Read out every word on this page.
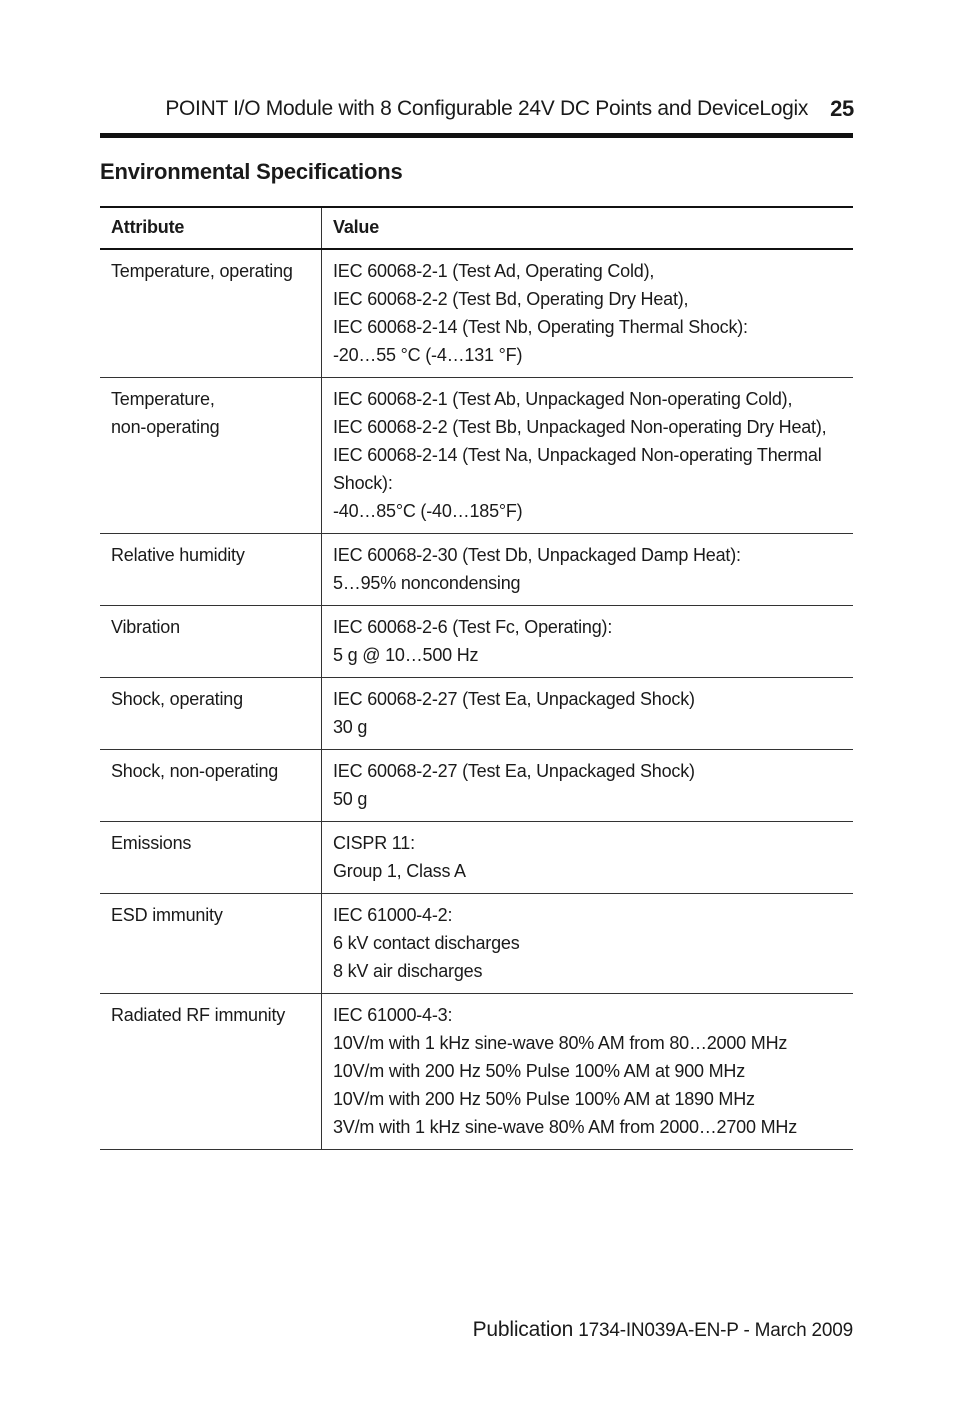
POINT I/O Module with 8 Configurable 24V DC Points and DeviceLogix 25
Environmental Specifications
Attribute	Value

Temperature, operating	IEC 60068-2-1 (Test Ad, Operating Cold),
IEC 60068-2-2 (Test Bd, Operating Dry Heat),
IEC 60068-2-14 (Test Nb, Operating Thermal Shock):
-20…55 °C (-4…131 °F)

Temperature,
non-operating	IEC 60068-2-1 (Test Ab, Unpackaged Non-operating Cold),
IEC 60068-2-2 (Test Bb, Unpackaged Non-operating Dry Heat),
IEC 60068-2-14 (Test Na, Unpackaged Non-operating Thermal
Shock):
-40…85°C (-40…185°F)

Relative humidity	IEC 60068-2-30 (Test Db, Unpackaged Damp Heat):
5…95% noncondensing

Vibration	IEC 60068-2-6 (Test Fc, Operating):
5 g @ 10…500 Hz

Shock, operating	IEC 60068-2-27 (Test Ea, Unpackaged Shock)
30 g

Shock, non-operating	IEC 60068-2-27 (Test Ea, Unpackaged Shock)
50 g

Emissions	CISPR 11:
Group 1, Class A

ESD immunity	IEC 61000-4-2:
6 kV contact discharges
8 kV air discharges

Radiated RF immunity	IEC 61000-4-3:
10V/m with 1 kHz sine-wave 80% AM from 80…2000 MHz
10V/m with 200 Hz 50% Pulse 100% AM at 900 MHz
10V/m with 200 Hz 50% Pulse 100% AM at 1890 MHz
3V/m with 1 kHz sine-wave 80% AM from 2000…2700 MHz
Publication 1734-IN039A-EN-P - March 2009
